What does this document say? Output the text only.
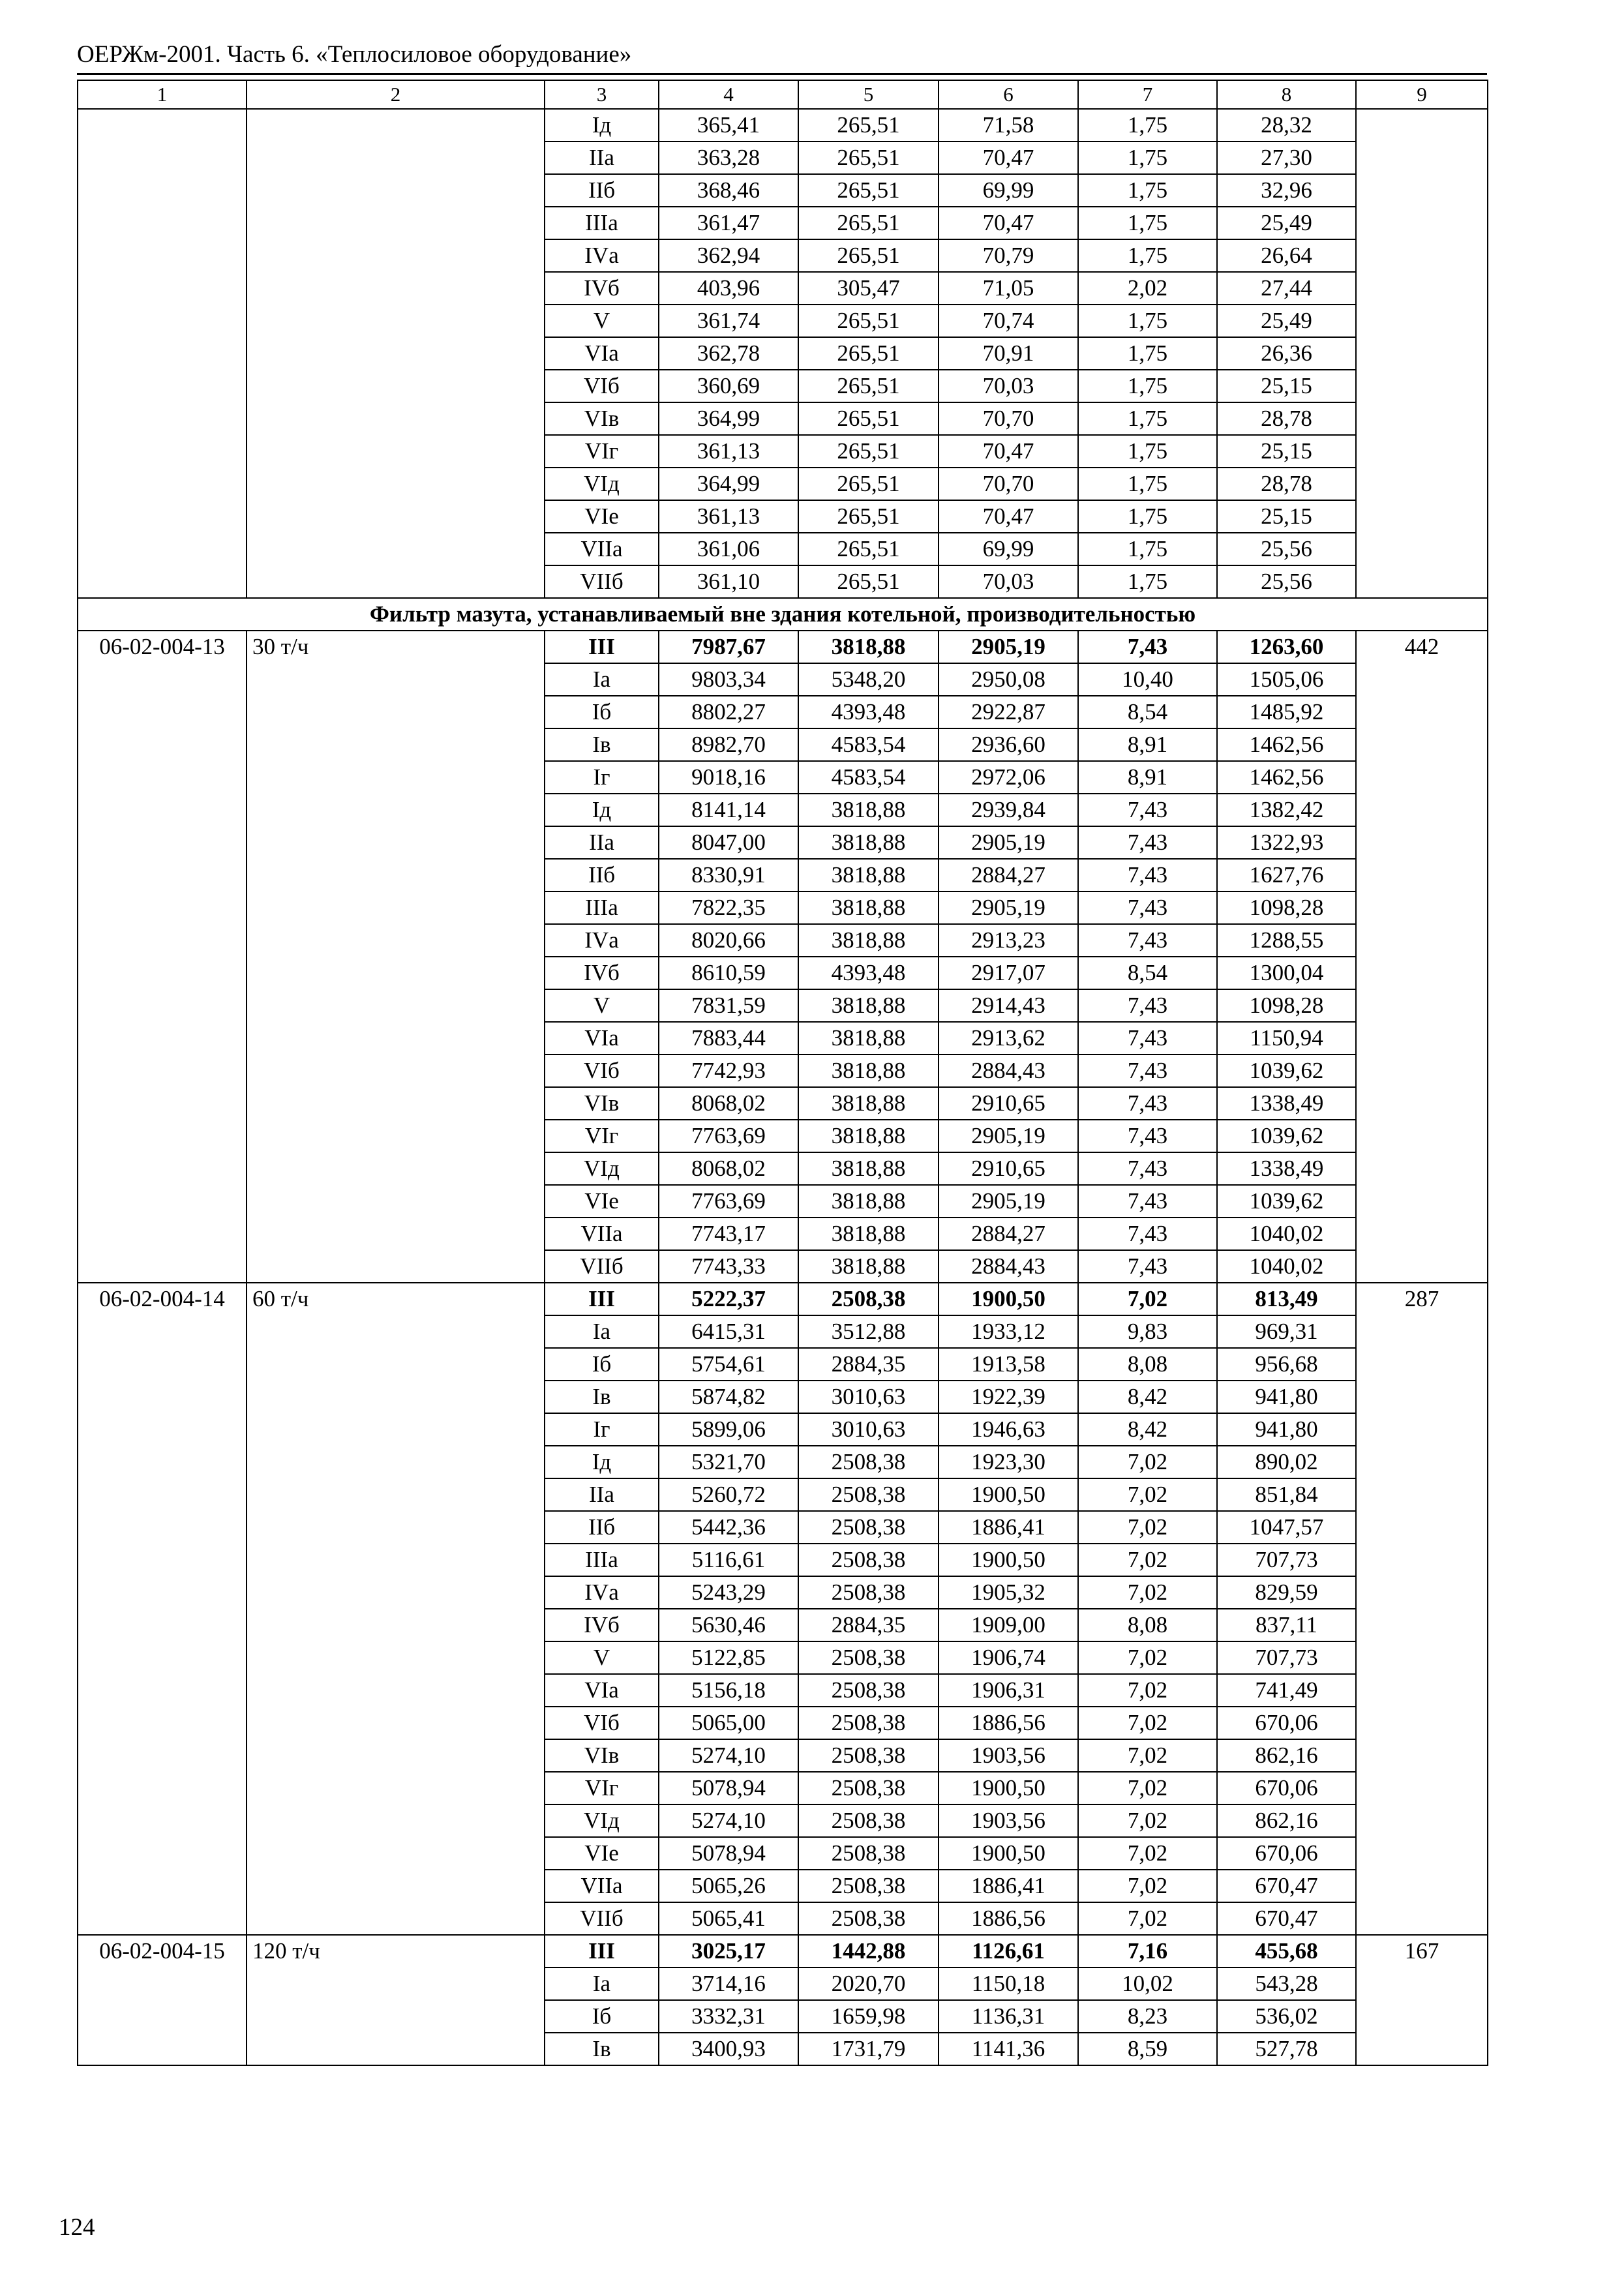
ОЕРЖм-2001. Часть 6. «Теплосиловое оборудование»
1	2	3	4	5	6	7	8	9
		Iд	365,41	265,51	71,58	1,75	28,32	
		IIа	363,28	265,51	70,47	1,75	27,30	
		IIб	368,46	265,51	69,99	1,75	32,96	
		IIIа	361,47	265,51	70,47	1,75	25,49	
		IVа	362,94	265,51	70,79	1,75	26,64	
		IVб	403,96	305,47	71,05	2,02	27,44	
		V	361,74	265,51	70,74	1,75	25,49	
		VIа	362,78	265,51	70,91	1,75	26,36	
		VIб	360,69	265,51	70,03	1,75	25,15	
		VIв	364,99	265,51	70,70	1,75	28,78	
		VIг	361,13	265,51	70,47	1,75	25,15	
		VIд	364,99	265,51	70,70	1,75	28,78	
		VIе	361,13	265,51	70,47	1,75	25,15	
		VIIа	361,06	265,51	69,99	1,75	25,56	
		VIIб	361,10	265,51	70,03	1,75	25,56	
Фильтр мазута, устанавливаемый вне здания котельной, производительностью								
06-02-004-13	30 т/ч	III	7987,67	3818,88	2905,19	7,43	1263,60	442
		Iа	9803,34	5348,20	2950,08	10,40	1505,06	
		Iб	8802,27	4393,48	2922,87	8,54	1485,92	
		Iв	8982,70	4583,54	2936,60	8,91	1462,56	
		Iг	9018,16	4583,54	2972,06	8,91	1462,56	
		Iд	8141,14	3818,88	2939,84	7,43	1382,42	
		IIа	8047,00	3818,88	2905,19	7,43	1322,93	
		IIб	8330,91	3818,88	2884,27	7,43	1627,76	
		IIIа	7822,35	3818,88	2905,19	7,43	1098,28	
		IVа	8020,66	3818,88	2913,23	7,43	1288,55	
		IVб	8610,59	4393,48	2917,07	8,54	1300,04	
		V	7831,59	3818,88	2914,43	7,43	1098,28	
		VIа	7883,44	3818,88	2913,62	7,43	1150,94	
		VIб	7742,93	3818,88	2884,43	7,43	1039,62	
		VIв	8068,02	3818,88	2910,65	7,43	1338,49	
		VIг	7763,69	3818,88	2905,19	7,43	1039,62	
		VIд	8068,02	3818,88	2910,65	7,43	1338,49	
		VIе	7763,69	3818,88	2905,19	7,43	1039,62	
		VIIа	7743,17	3818,88	2884,27	7,43	1040,02	
		VIIб	7743,33	3818,88	2884,43	7,43	1040,02	
06-02-004-14	60 т/ч	III	5222,37	2508,38	1900,50	7,02	813,49	287
		Iа	6415,31	3512,88	1933,12	9,83	969,31	
		Iб	5754,61	2884,35	1913,58	8,08	956,68	
		Iв	5874,82	3010,63	1922,39	8,42	941,80	
		Iг	5899,06	3010,63	1946,63	8,42	941,80	
		Iд	5321,70	2508,38	1923,30	7,02	890,02	
		IIа	5260,72	2508,38	1900,50	7,02	851,84	
		IIб	5442,36	2508,38	1886,41	7,02	1047,57	
		IIIа	5116,61	2508,38	1900,50	7,02	707,73	
		IVа	5243,29	2508,38	1905,32	7,02	829,59	
		IVб	5630,46	2884,35	1909,00	8,08	837,11	
		V	5122,85	2508,38	1906,74	7,02	707,73	
		VIа	5156,18	2508,38	1906,31	7,02	741,49	
		VIб	5065,00	2508,38	1886,56	7,02	670,06	
		VIв	5274,10	2508,38	1903,56	7,02	862,16	
		VIг	5078,94	2508,38	1900,50	7,02	670,06	
		VIд	5274,10	2508,38	1903,56	7,02	862,16	
		VIе	5078,94	2508,38	1900,50	7,02	670,06	
		VIIа	5065,26	2508,38	1886,41	7,02	670,47	
		VIIб	5065,41	2508,38	1886,56	7,02	670,47	
06-02-004-15	120 т/ч	III	3025,17	1442,88	1126,61	7,16	455,68	167
		Iа	3714,16	2020,70	1150,18	10,02	543,28	
		Iб	3332,31	1659,98	1136,31	8,23	536,02	
		Iв	3400,93	1731,79	1141,36	8,59	527,78	
124
